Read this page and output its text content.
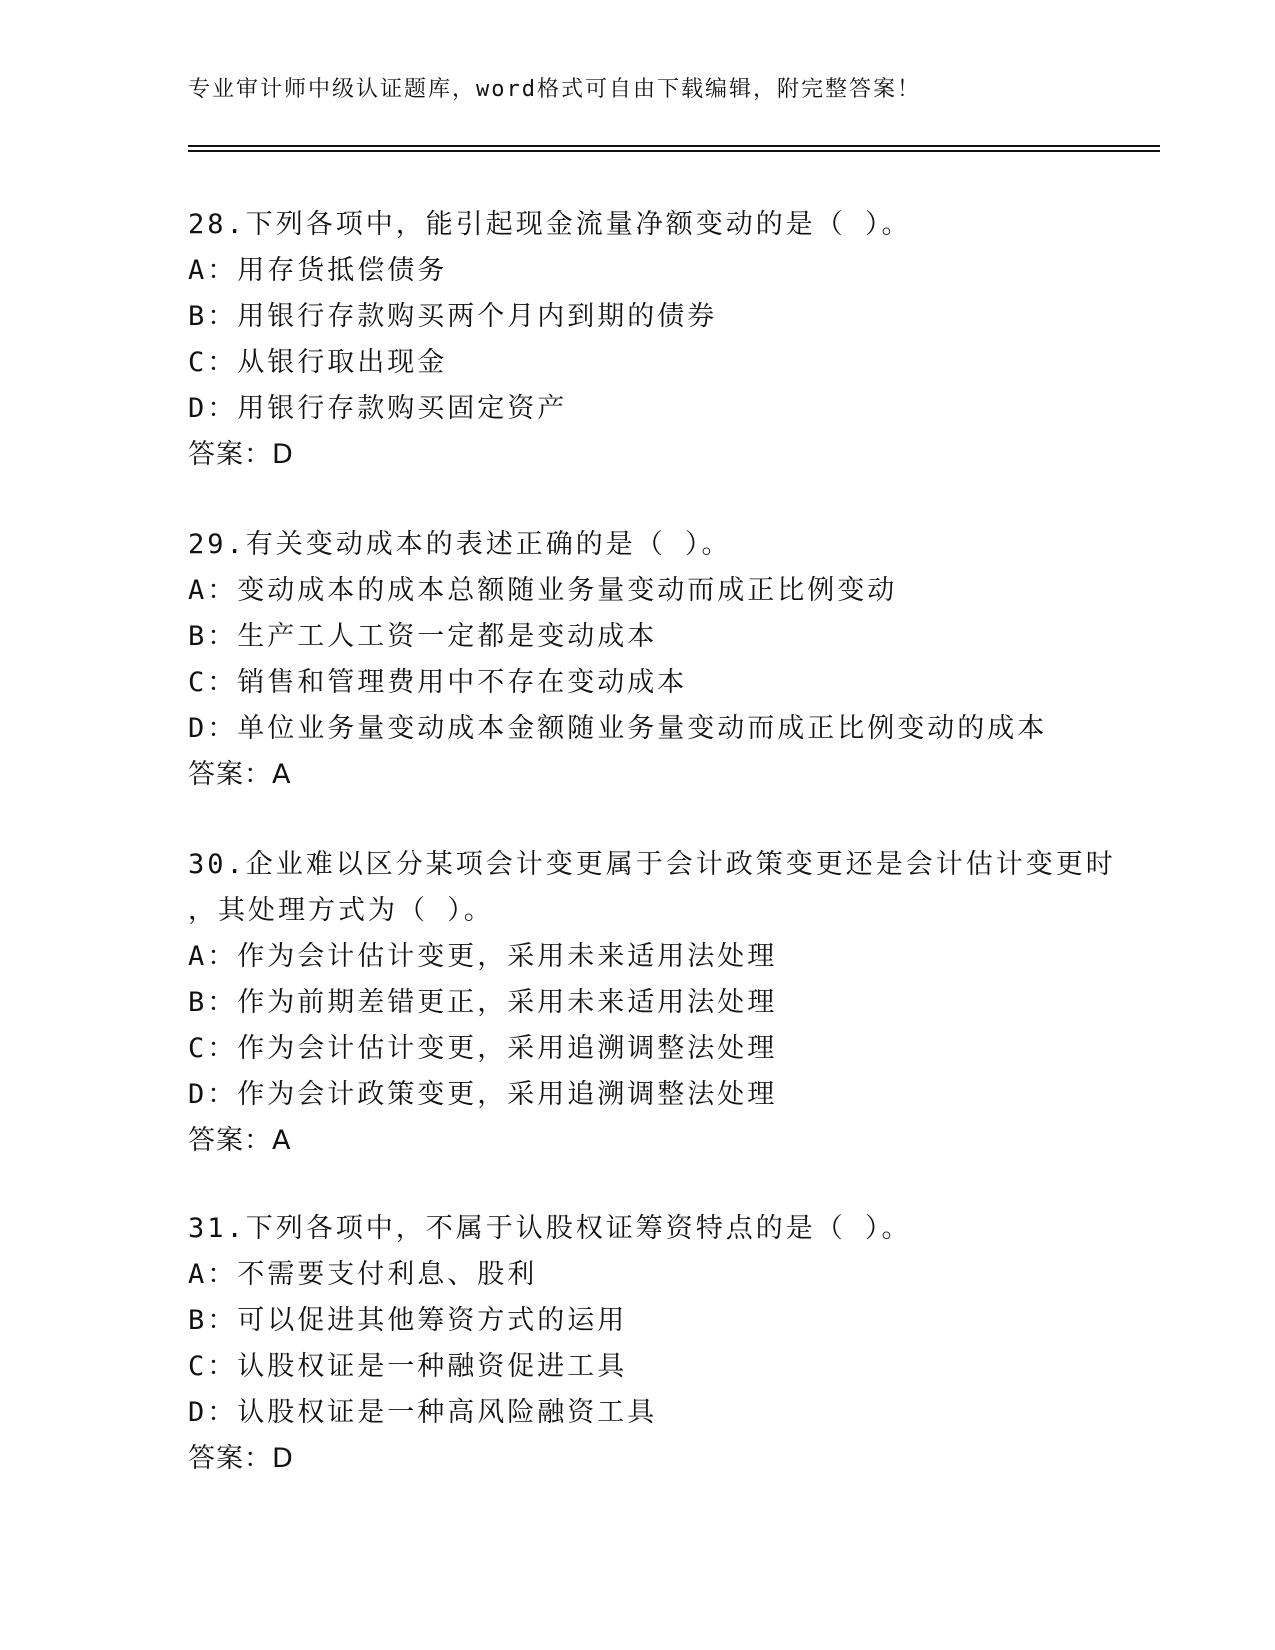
专业审计师中级认证题库，word格式可自由下载编辑，附完整答案！
28.下列各项中，能引起现金流量净额变动的是（ ）。
A：用存货抵偿债务
B：用银行存款购买两个月内到期的债券
C：从银行取出现金
D：用银行存款购买固定资产
答案：D
29.有关变动成本的表述正确的是（ ）。
A：变动成本的成本总额随业务量变动而成正比例变动
B：生产工人工资一定都是变动成本
C：销售和管理费用中不存在变动成本
D：单位业务量变动成本金额随业务量变动而成正比例变动的成本
答案：A
30.企业难以区分某项会计变更属于会计政策变更还是会计估计变更时
，其处理方式为（ ）。
A：作为会计估计变更，采用未来适用法处理
B：作为前期差错更正，采用未来适用法处理
C：作为会计估计变更，采用追溯调整法处理
D：作为会计政策变更，采用追溯调整法处理
答案：A
31.下列各项中，不属于认股权证筹资特点的是（ ）。
A：不需要支付利息、股利
B：可以促进其他筹资方式的运用
C：认股权证是一种融资促进工具
D：认股权证是一种高风险融资工具
答案：D
